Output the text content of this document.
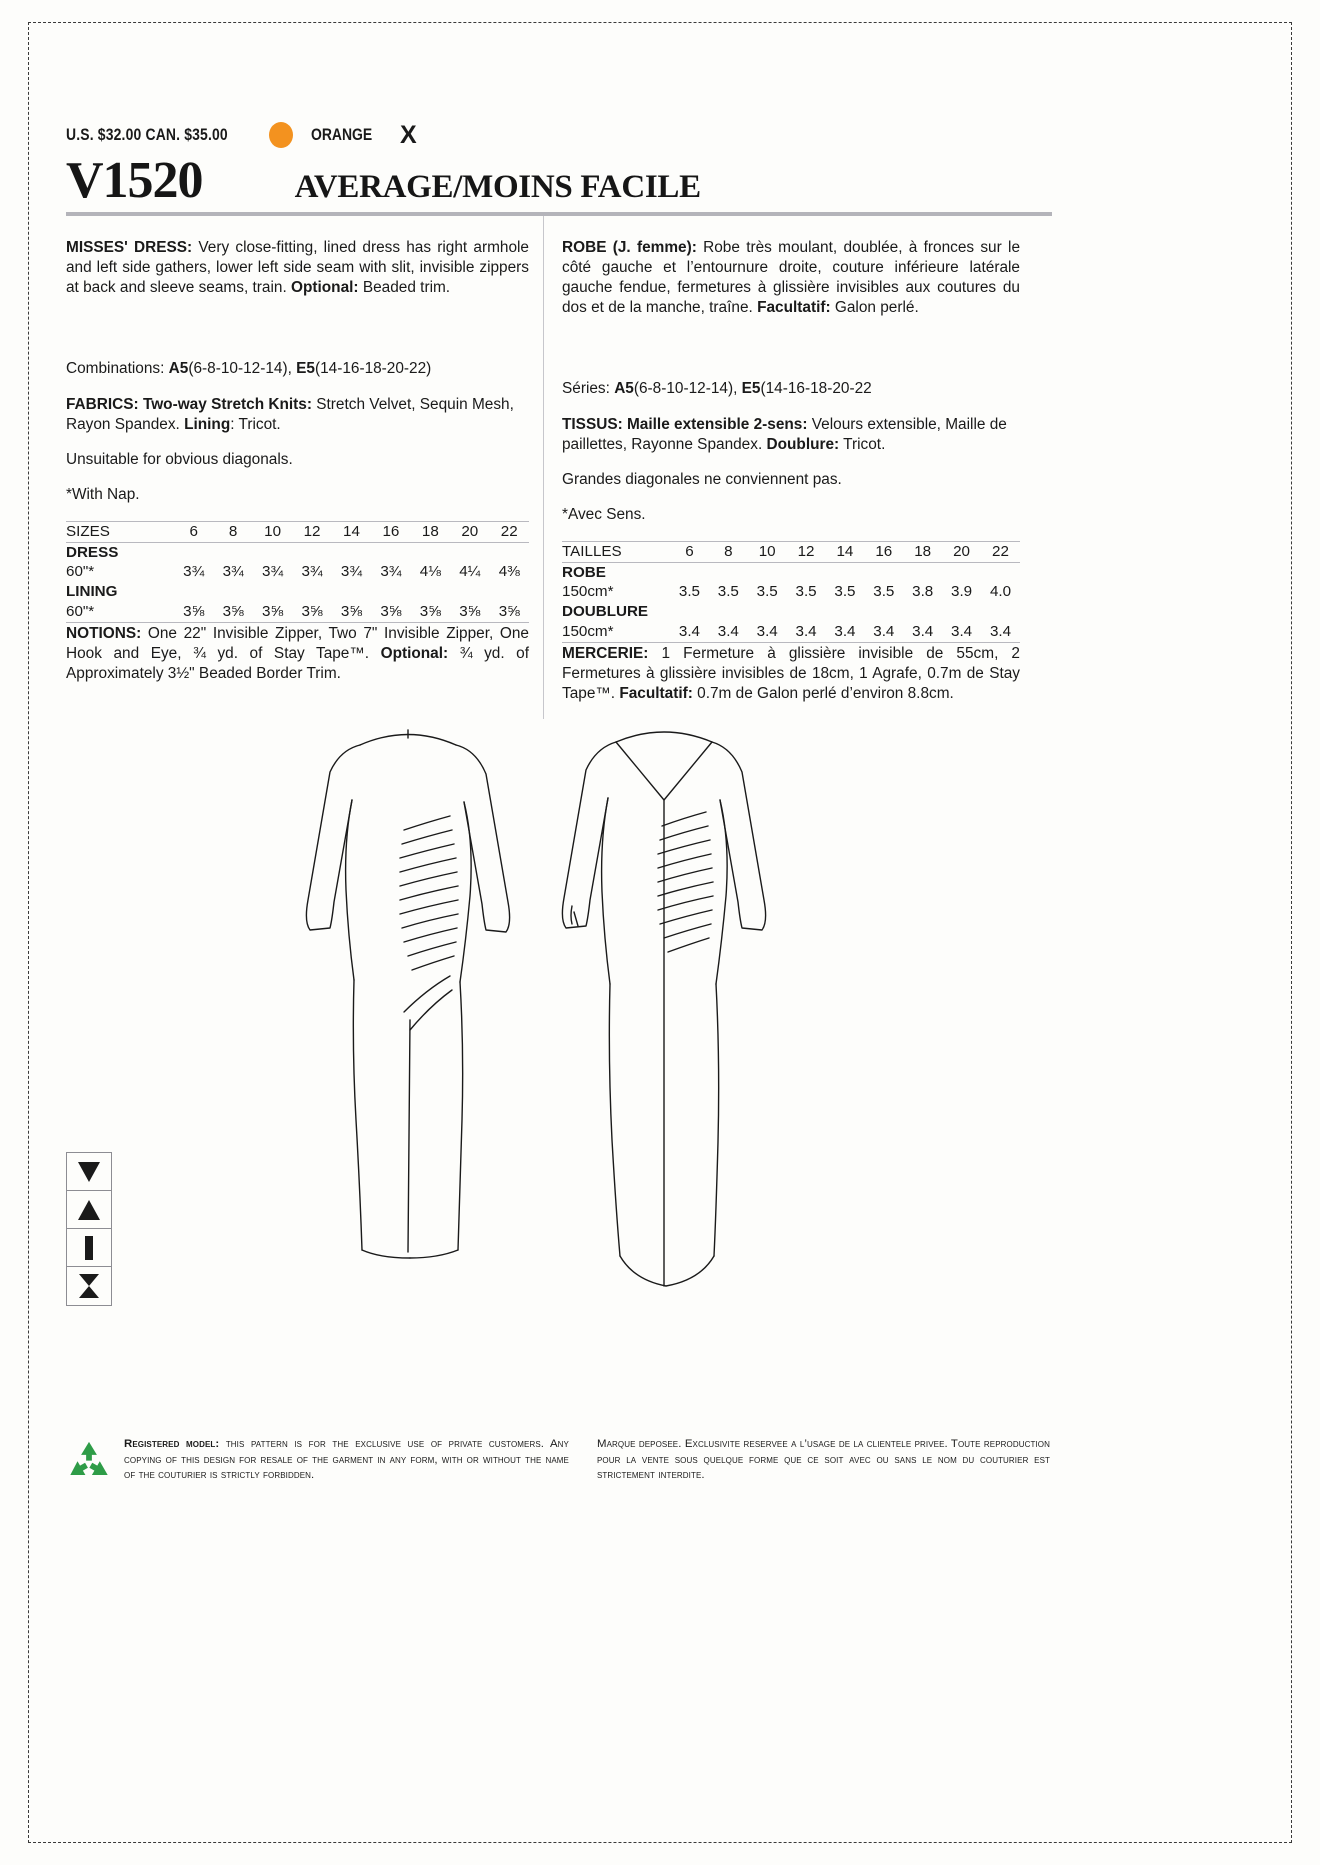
U.S. $32.00 CAN. $35.00	ORANGE X
V1520	AVERAGE/MOINS FACILE

MISSES' DRESS: Very close-fitting, lined dress has right armhole and left side gathers, lower left side seam with slit, invisible zippers at back and sleeve seams, train. Optional: Beaded trim.

Combinations: A5(6-8-10-12-14), E5(14-16-18-20-22)

FABRICS: Two-way Stretch Knits: Stretch Velvet, Sequin Mesh, Rayon Spandex. Lining: Tricot.

Unsuitable for obvious diagonals.

*With Nap.

SIZES	6	8	10	12	14	16	18	20	22
DRESS									
60"*	3¾	3¾	3¾	3¾	3¾	3¾	4⅛	4¼	4⅜
LINING									
60"*	3⅝	3⅝	3⅝	3⅝	3⅝	3⅝	3⅝	3⅝	3⅝

NOTIONS: One 22" Invisible Zipper, Two 7" Invisible Zipper, One Hook and Eye, ¾ yd. of Stay Tape™. Optional: ¾ yd. of Approximately 3½" Beaded Border Trim.

ROBE (J. femme): Robe très moulant, doublée, à fronces sur le côté gauche et l’entournure droite, couture inférieure latérale gauche fendue, fermetures à glissière invisibles aux coutures du dos et de la manche, traîne. Facultatif: Galon perlé.

Séries: A5(6-8-10-12-14), E5(14-16-18-20-22

TISSUS: Maille extensible 2-sens: Velours extensible, Maille de paillettes, Rayonne Spandex. Doublure: Tricot.

Grandes diagonales ne conviennent pas.

*Avec Sens.

TAILLES	6	8	10	12	14	16	18	20	22
ROBE									
150cm*	3.5	3.5	3.5	3.5	3.5	3.5	3.8	3.9	4.0
DOUBLURE									
150cm*	3.4	3.4	3.4	3.4	3.4	3.4	3.4	3.4	3.4

MERCERIE: 1 Fermeture à glissière invisible de 55cm, 2 Fermetures à glissière invisibles de 18cm, 1 Agrafe, 0.7m de Stay Tape™. Facultatif: 0.7m de Galon perlé d’environ 8.8cm.

Registered model: this pattern is for the exclusive use of private customers. Any copying of this design for resale of the garment in any form, with or without the name of the couturier is strictly forbidden.
Marque deposee. Exclusivite reservee a l’usage de la clientele privee. Toute reproduction pour la vente sous quelque forme que ce soit avec ou sans le nom du couturier est strictement interdite.
